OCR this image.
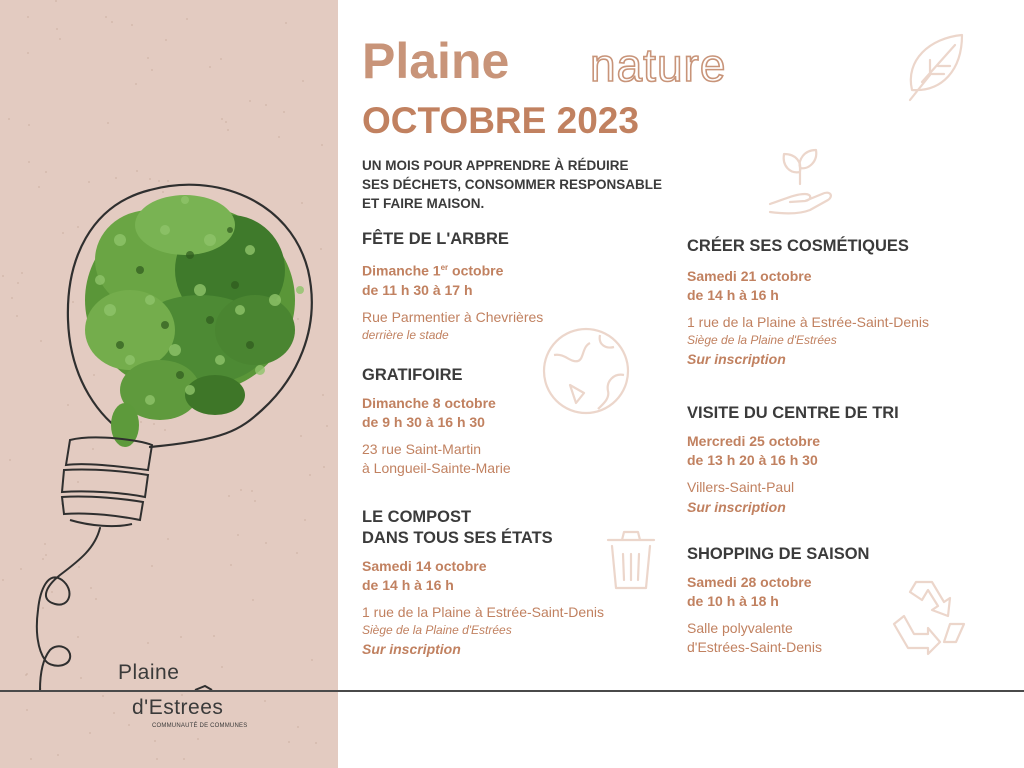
Plaine
d'Estrees
COMMUNAUTÉ DE COMMUNES
Plaine nature
OCTOBRE 2023
UN MOIS POUR APPRENDRE À RÉDUIRE
SES DÉCHETS, CONSOMMER RESPONSABLE
ET FAIRE MAISON.
FÊTE DE L'ARBRE
Dimanche 1er octobre
de 11 h 30 à 17 h
Rue Parmentier à Chevrières
derrière le stade
GRATIFOIRE
Dimanche 8 octobre
de 9 h 30 à 16 h 30
23 rue Saint-Martin
à Longueil-Sainte-Marie
LE COMPOST
DANS TOUS SES ÉTATS
Samedi 14 octobre
de 14 h à 16 h
1 rue de la Plaine à Estrée-Saint-Denis
Siège de la Plaine d'Estrées
Sur inscription
CRÉER SES COSMÉTIQUES
Samedi 21 octobre
de 14 h à 16 h
1 rue de la Plaine à Estrée-Saint-Denis
Siège de la Plaine d'Estrées
Sur inscription
VISITE DU CENTRE DE TRI
Mercredi 25 octobre
de 13 h 20 à 16 h 30
Villers-Saint-Paul
Sur inscription
SHOPPING DE SAISON
Samedi 28 octobre
de 10 h à 18 h
Salle polyvalente
d'Estrées-Saint-Denis
